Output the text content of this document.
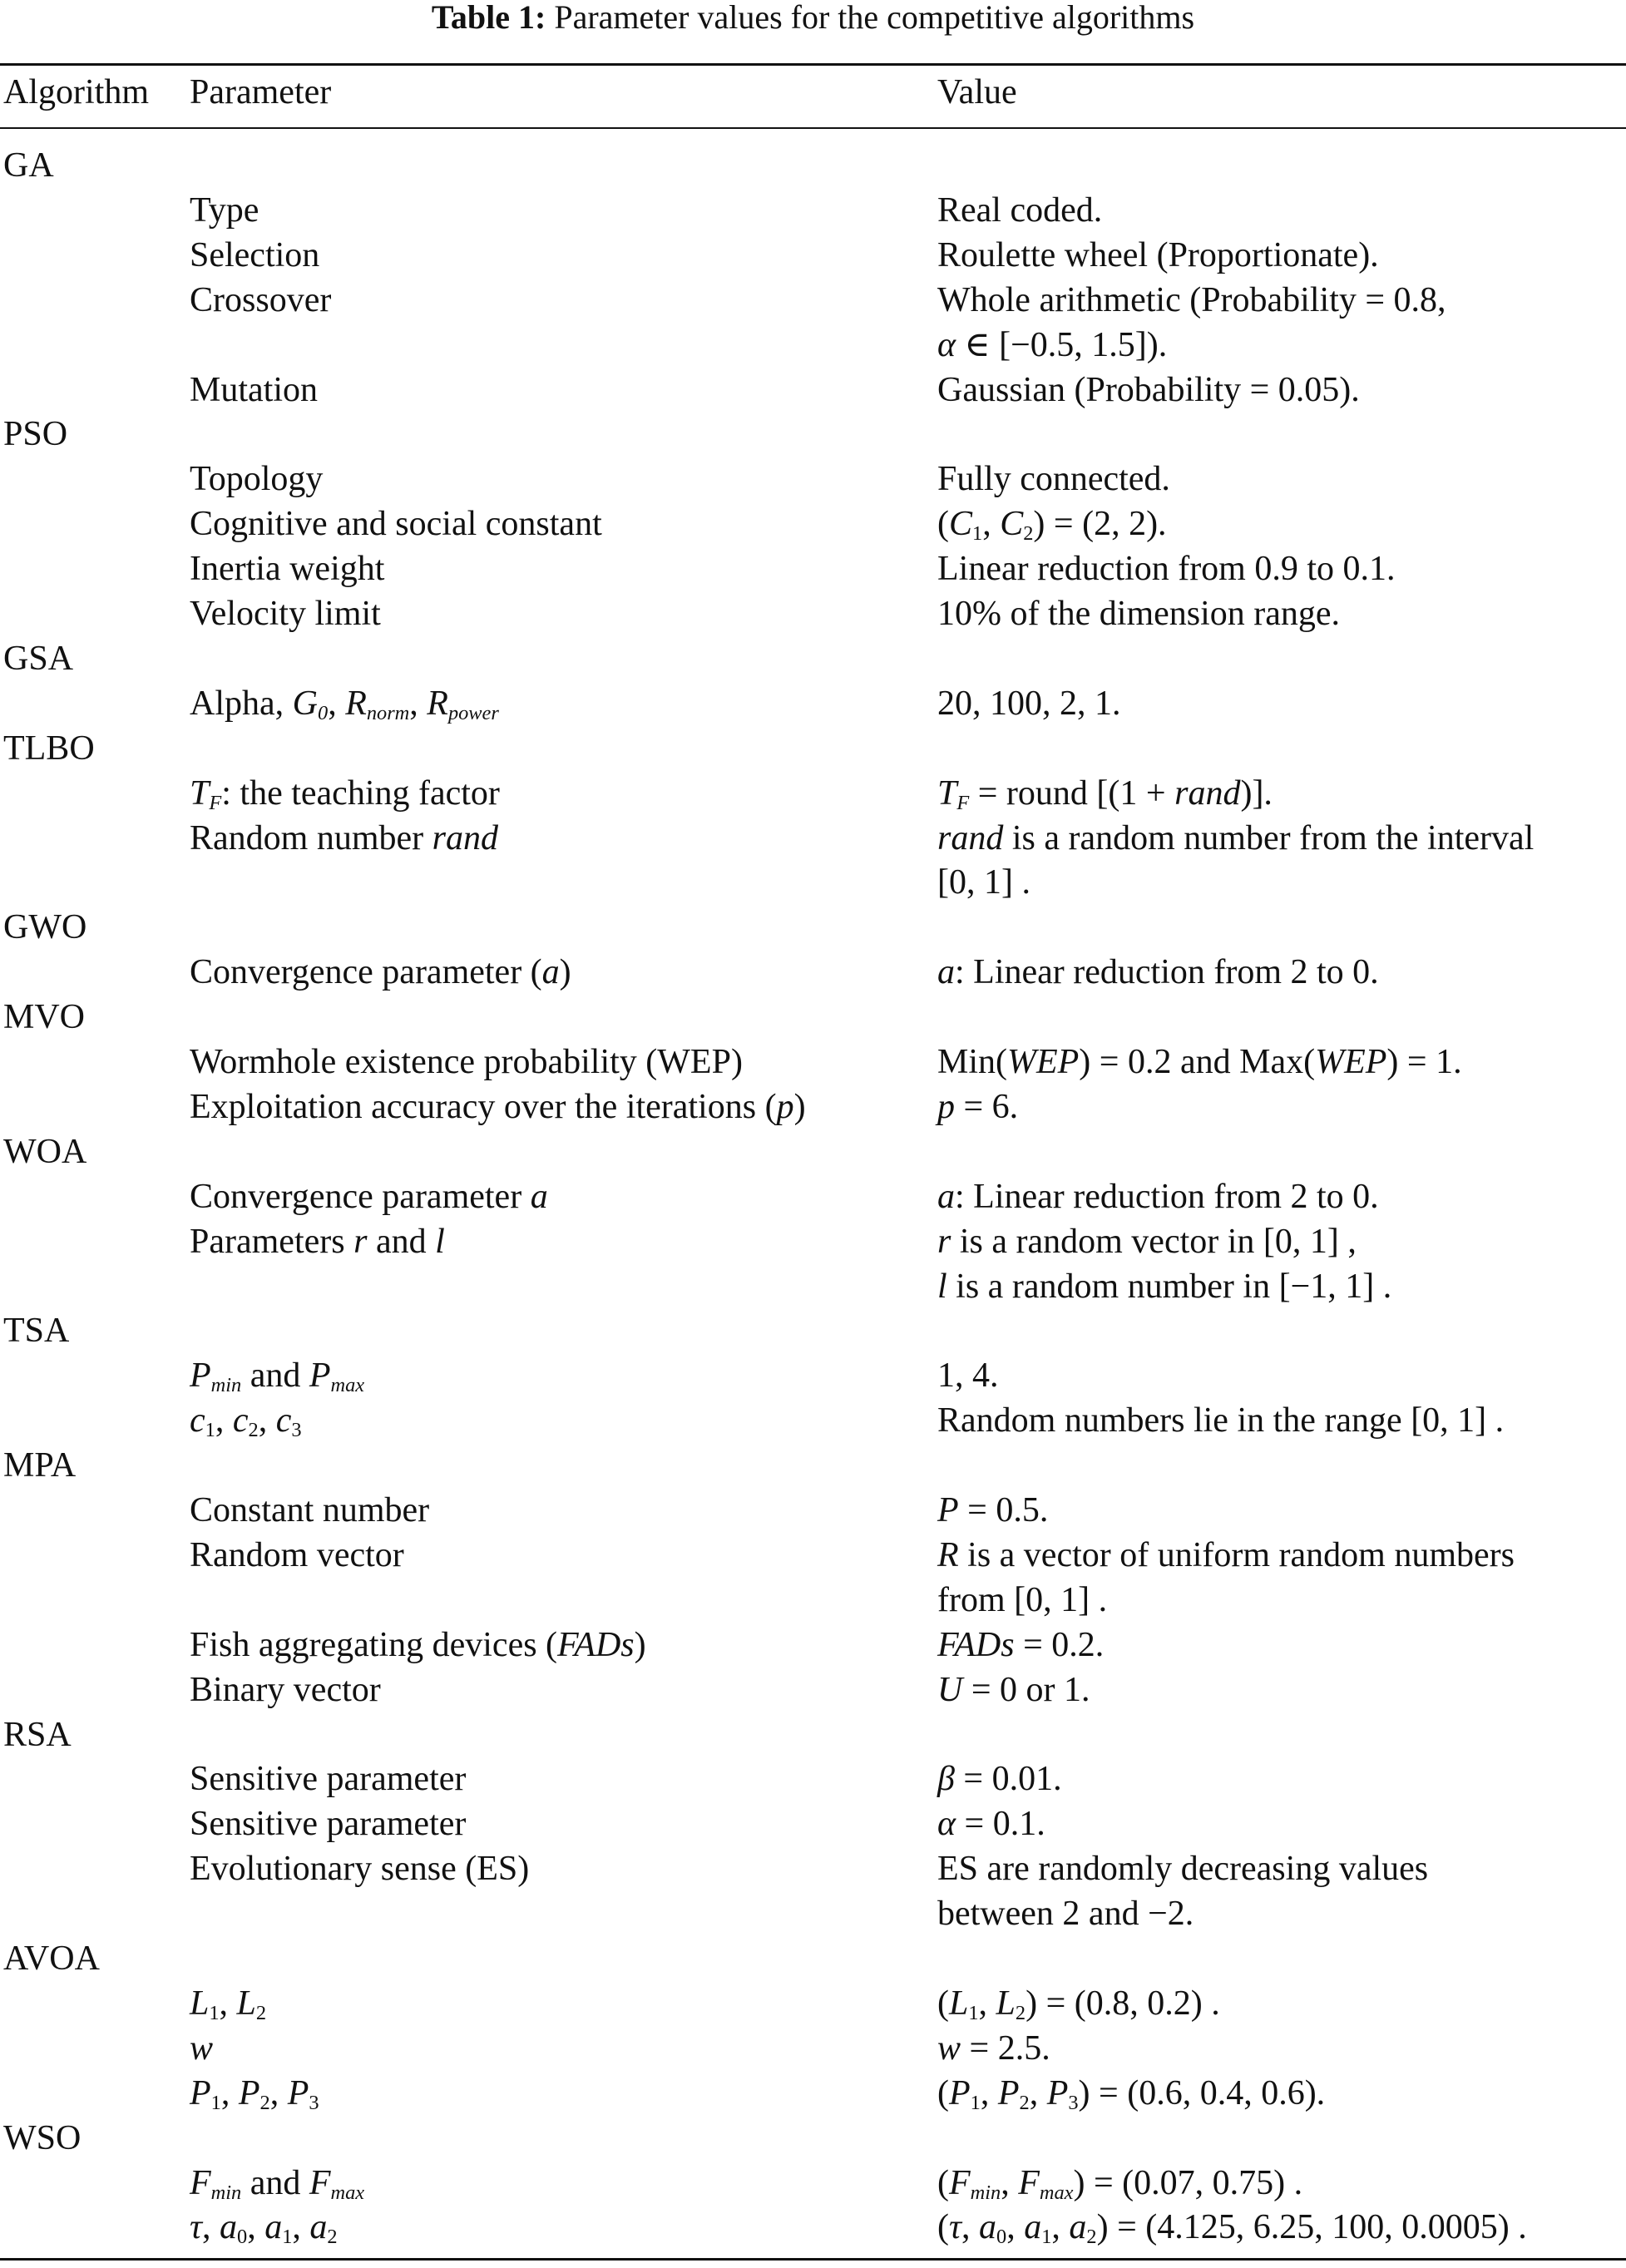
Table 1: Parameter values for the competitive algorithms
Algorithm Parameter	Value
GA
Type	Real coded.
Selection	Roulette wheel (Proportionate).
Crossover	Whole arithmetic (Probability = 0.8,
α ∈ [−0.5, 1.5]).
Mutation	Gaussian (Probability = 0.05).
PSO
Topology	Fully connected.
Cognitive and social constant	($C_1$, $C_2) = (2$, 2).
Inertia weight	Linear reduction from 0.9 to 0.1.
Velocity limit	10% of the dimension range.
GSA
Alpha, $G_0$, $R_{norm}$, $R_{power}$	20, 100, 2, 1.
TLBO
$T_F$: the teaching factor	$T_F$ = round [(1 + rand)].
Random number rand	rand is a random number from the interval
[0, 1] .
GWO
Convergence parameter (a)	a: Linear reduction from 2 to 0.
MVO
Wormhole existence probability (WEP)	Min(WEP) = 0.2 and Max(WEP) = 1.
Exploitation accuracy over the iterations (p)	p = 6.
WOA
Convergence parameter a	a: Linear reduction from 2 to 0.
Parameters r and l	r is a random vector in [0, 1] ,
l is a random number in [−1, 1] .
TSA
$P_{min}$ and $P_{max}$	1, 4.
$c_1$, $c_2$, $c_3$	Random numbers lie in the range [0, 1] .
MPA
Constant number	P = 0.5.
Random vector	R is a vector of uniform random numbers
from [0, 1] .
Fish aggregating devices (FADs)	FADs = 0.2.
Binary vector	U = 0 or 1.
RSA
Sensitive parameter	β = 0.01.
Sensitive parameter	α = 0.1.
Evolutionary sense (ES)	ES are randomly decreasing values
between 2 and −2.
AVOA
$L_1$, $L_2$	($L_1$, $L_2) = (0.8$, 0.2) .
w	w = 2.5.
$P_1$, $P_2$, $P_3$	($P_1$, $P_2$, $P_3) = (0.6$, 0.4, 0.6).
WSO
$F_{min}$ and $F_{max}$	($F_{min}$, $F_{max}) = (0.07$, 0.75) .
τ, $a_0$, $a_1$, $a_2$	(τ, $a_0$, $a_1$, $a_2) = (4.125$, 6.25, 100, 0.0005) .
